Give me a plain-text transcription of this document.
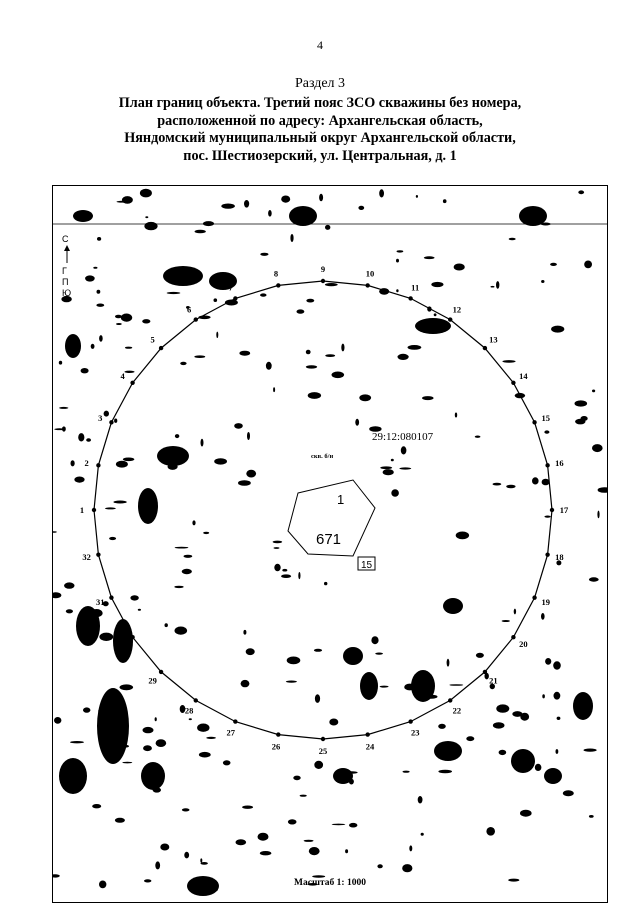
4
Раздел 3
План границ объекта. Третий пояс ЗСО скважины без номера,
расположенной по адресу: Архангельская область,
Няндомский муниципальный округ Архангельской области,
пос. Шестиозерский, ул. Центральная, д. 1
671
1
15
1
2
3
4
5
6
7
8	9	10
11
12
13
14
15
16
17
18
19
20
21
22
23
24
25
26
27
28
29
30
31
32
29:12:080107
скв. б/н
С
Г
П
Ю
Масштаб 1: 1000
